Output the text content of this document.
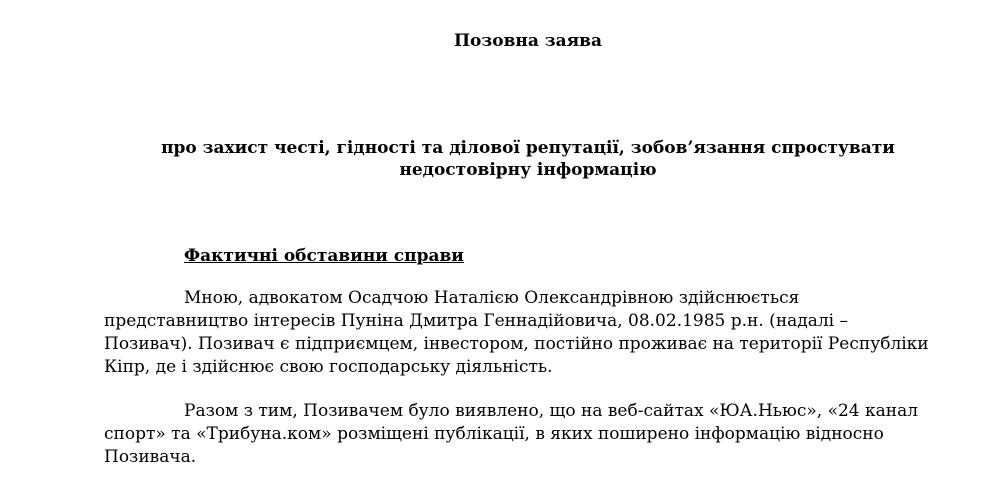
Позовна заява
про захист честі, гідності та ділової репутації, зобов’язання спростувати недостовірну інформацію
Фактичні обставини справи

Мною, адвокатом Осадчою Наталією Олександрівною здійснюється представництво інтересів Пуніна Дмитра Геннадійовича, 08.02.1985 р.н. (надалі – Позивач). Позивач є підприємцем, інвестором, постійно проживає на території Республіки Кіпр, де і здійснює свою господарську діяльність.

Разом з тим, Позивачем було виявлено, що на веб-сайтах «ЮА.Ньюс», «24 канал спорт» та «Трибуна.ком» розміщені публікації, в яких поширено інформацію відносно Позивача.
